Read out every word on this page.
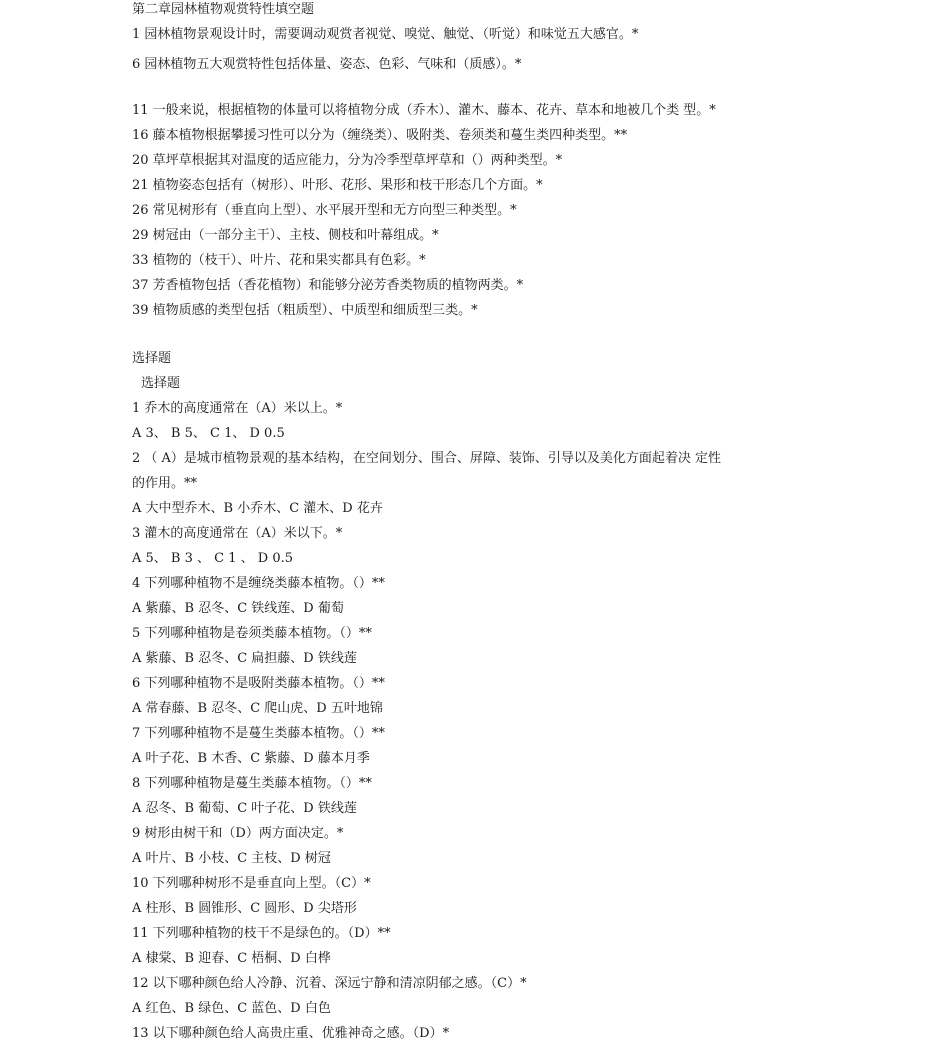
第二章园林植物观赏特性填空题
1 园林植物景观设计时，需要调动观赏者视觉、嗅觉、触觉、（听觉）和味觉五大感官。*
6 园林植物五大观赏特性包括体量、姿态、色彩、气味和（质感）。*
11 一般来说，根据植物的体量可以将植物分成（乔木）、灌木、藤本、花卉、草本和地被几个类 型。*
16 藤本植物根据攀援习性可以分为（缠绕类）、吸附类、卷须类和蔓生类四种类型。**
20 草坪草根据其对温度的适应能力，分为冷季型草坪草和（）两种类型。*
21 植物姿态包括有（树形）、叶形、花形、果形和枝干形态几个方面。*
26 常见树形有（垂直向上型）、水平展开型和无方向型三种类型。*
29 树冠由（一部分主干）、主枝、侧枝和叶幕组成。*
33 植物的（枝干）、叶片、花和果实都具有色彩。*
37 芳香植物包括（香花植物）和能够分泌芳香类物质的植物两类。*
39 植物质感的类型包括（粗质型）、中质型和细质型三类。*
选择题
选择题
1 乔木的高度通常在（A）米以上。*
A 3、 B 5、 C 1、 D 0.5
2 （ A）是城市植物景观的基本结构，在空间划分、围合、屏障、装饰、引导以及美化方面起着决 定性
的作用。**
A 大中型乔木、B 小乔木、C 灌木、D 花卉
3 灌木的高度通常在（A）米以下。*
A 5、 B 3 、 C 1 、 D 0.5
4 下列哪种植物不是缠绕类藤本植物。（）**
A 紫藤、B 忍冬、C 铁线莲、D 葡萄
5 下列哪种植物是卷须类藤本植物。（）**
A 紫藤、B 忍冬、C 扁担藤、D 铁线莲
6 下列哪种植物不是吸附类藤本植物。（）**
A 常春藤、B 忍冬、C 爬山虎、D 五叶地锦
7 下列哪种植物不是蔓生类藤本植物。（）**
A 叶子花、B 木香、C 紫藤、D 藤本月季
8 下列哪种植物是蔓生类藤本植物。（）**
A 忍冬、B 葡萄、C 叶子花、D 铁线莲
9 树形由树干和（D）两方面决定。*
A 叶片、B 小枝、C 主枝、D 树冠
10 下列哪种树形不是垂直向上型。（C）*
A 柱形、B 圆锥形、C 圆形、D 尖塔形
11 下列哪种植物的枝干不是绿色的。（D）**
A 棣棠、B 迎春、C 梧桐、D 白桦
12 以下哪种颜色给人冷静、沉着、深远宁静和清凉阴郁之感。（C）*
A 红色、B 绿色、C 蓝色、D 白色
13 以下哪种颜色给人高贵庄重、优雅神奇之感。（D）*
